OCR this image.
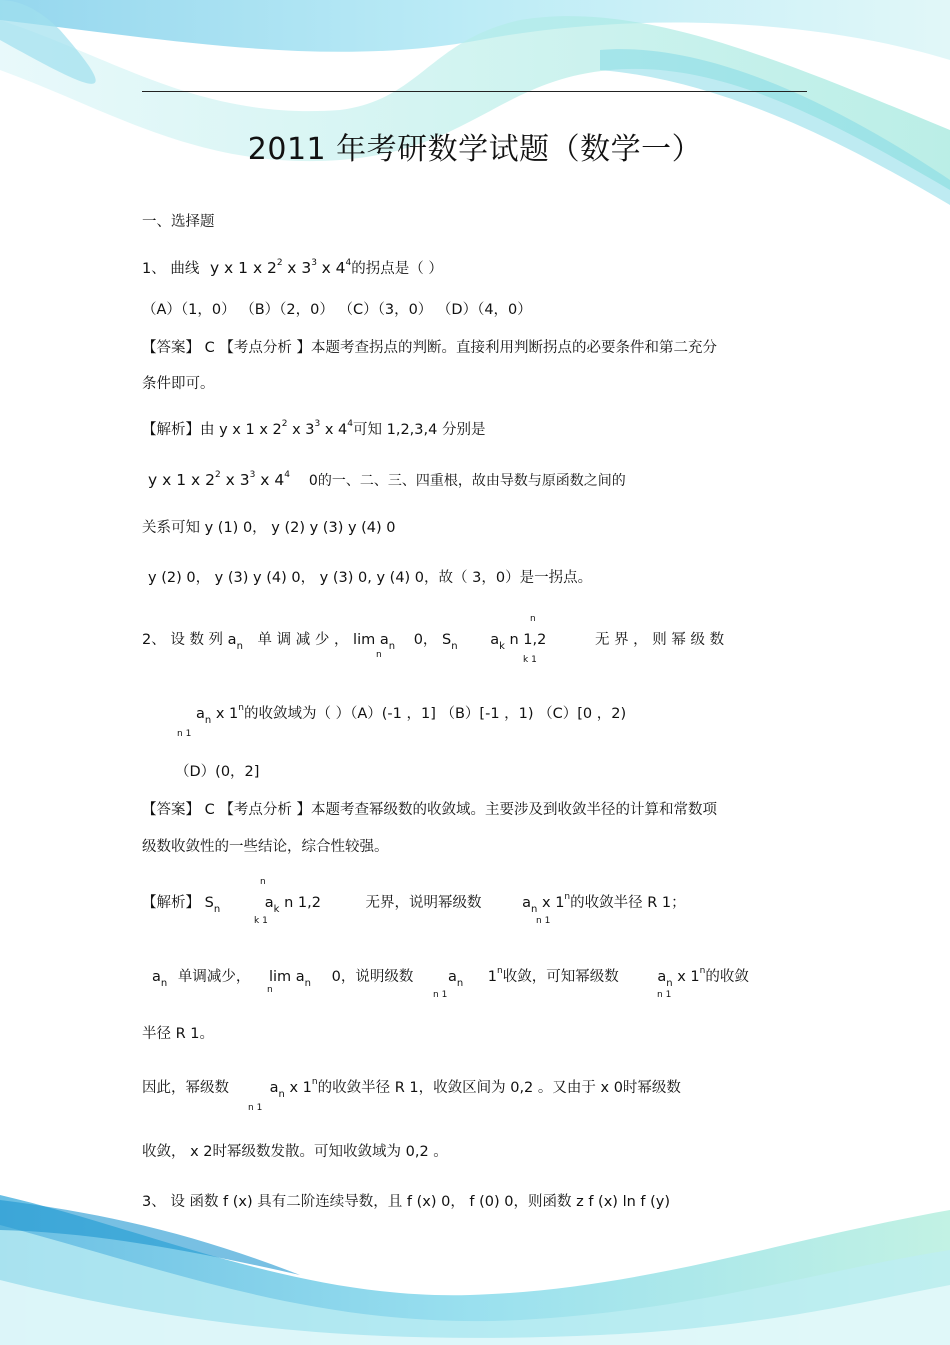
2011 年考研数学试题（数学一）
一、选择题
1、 曲线 y x 1 x $2^2$ x $3^3$ x $4^4$的拐点是（ ）
（A）（1，0） （B）（2，0） （C）（3，0） （D）（4，0）
【答案】 C 【考点分析 】本题考查拐点的判断。直接利用判断拐点的必要条件和第二充分
条件即可。
【解析】由 y x 1 x $2^2$ x $3^3$ x $4^4$可知 1,2,3,4 分别是
y x 1 x $2^2$ x $3^3$ x $4^4$ 0的一、二、三、四重根，故由导数与原函数之间的
关系可知 y (1) 0， y (2) y (3) y (4) 0
y (2) 0， y (3) y (4) 0， y (3) 0, y (4) 0，故（ 3，0）是一拐点。
n
2、 设 数 列 $a_n$ 单 调 减 少 ， $\lim a_n$ 0， $S_n$ $a_k$ n 1,2	无 界 ， 则 幂 级 数
n	k 1
$a_n$ x 1$^n$的收敛域为（ ）（A）(-1 ，1] （B）[-1 ，1) （C）[0 ，2)
n 1
（D）(0，2]
【答案】 C 【考点分析 】本题考查幂级数的收敛域。主要涉及到收敛半径的计算和常数项
级数收敛性的一些结论，综合性较强。
n
【解析】 $S_n$	$a_k$ n 1,2	无界，说明幂级数	$a_n$ x 1$^n$的收敛半径 R 1；
k 1	n 1
$a_n$ 单调减少， $\lim a_n$ 0，说明级数 $a_n$ 1$^n$收敛，可知幂级数	$a_n$ x 1$^n$的收敛
n	n 1	n 1
半径 R 1。
因此，幂级数	$a_n$ x 1$^n$的收敛半径 R 1，收敛区间为 0,2 。又由于 x 0时幂级数
n 1
收敛， x 2时幂级数发散。可知收敛域为 0,2 。
3、 设 函数 f (x) 具有二阶连续导数，且 f (x) 0， f (0) 0，则函数 z f (x) ln f (y)
